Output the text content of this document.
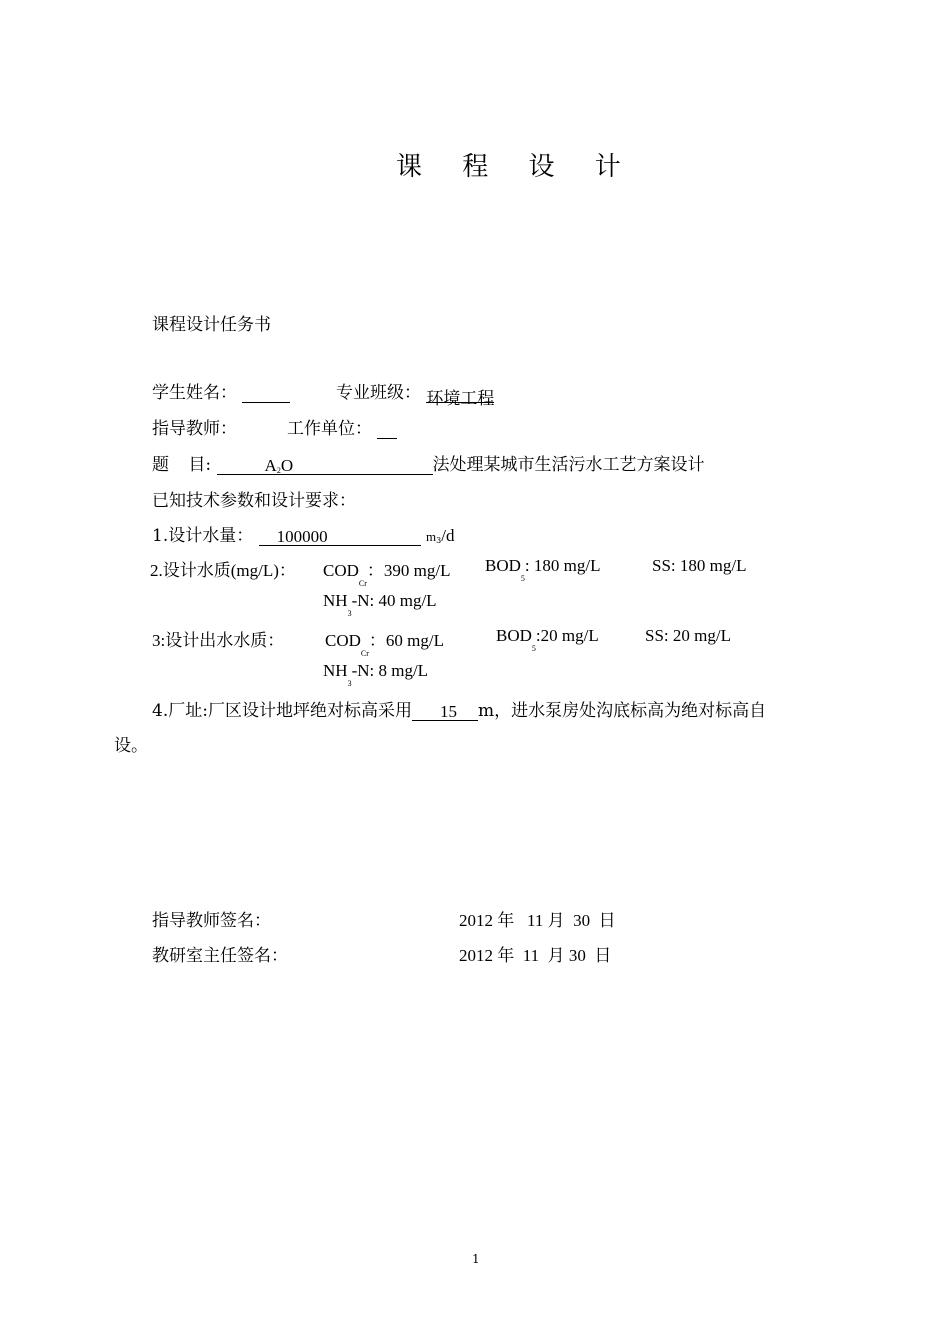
课 程 设 计
课程设计任务书
学生姓名：	专业班级： 环境工程
指导教师：	工作单位：
题 目:	A2O	法处理某城市生活污水工艺方案设计
已知技术参数和设计要求：
1.设计水量： 100000	m3/d
2.设计水质(mg/L)： $COD_{Cr}$：390 mg/L $BOD_5$: 180 mg/L	SS: 180 mg/L
$NH_3-N$: 40 mg/L
3:设计出水水质： $COD_{Cr}$：60 mg/L	$BOD_5:20$ mg/L	SS: 20 mg/L
$NH_3-N$: 8 mg/L
4.厂址:厂区设计地坪绝对标高采用 15 m，进水泵房处沟底标高为绝对标高自
设。
指导教师签名：	2012 年   11 月  30  日
教研室主任签名：	2012 年  11  月 30  日
1
